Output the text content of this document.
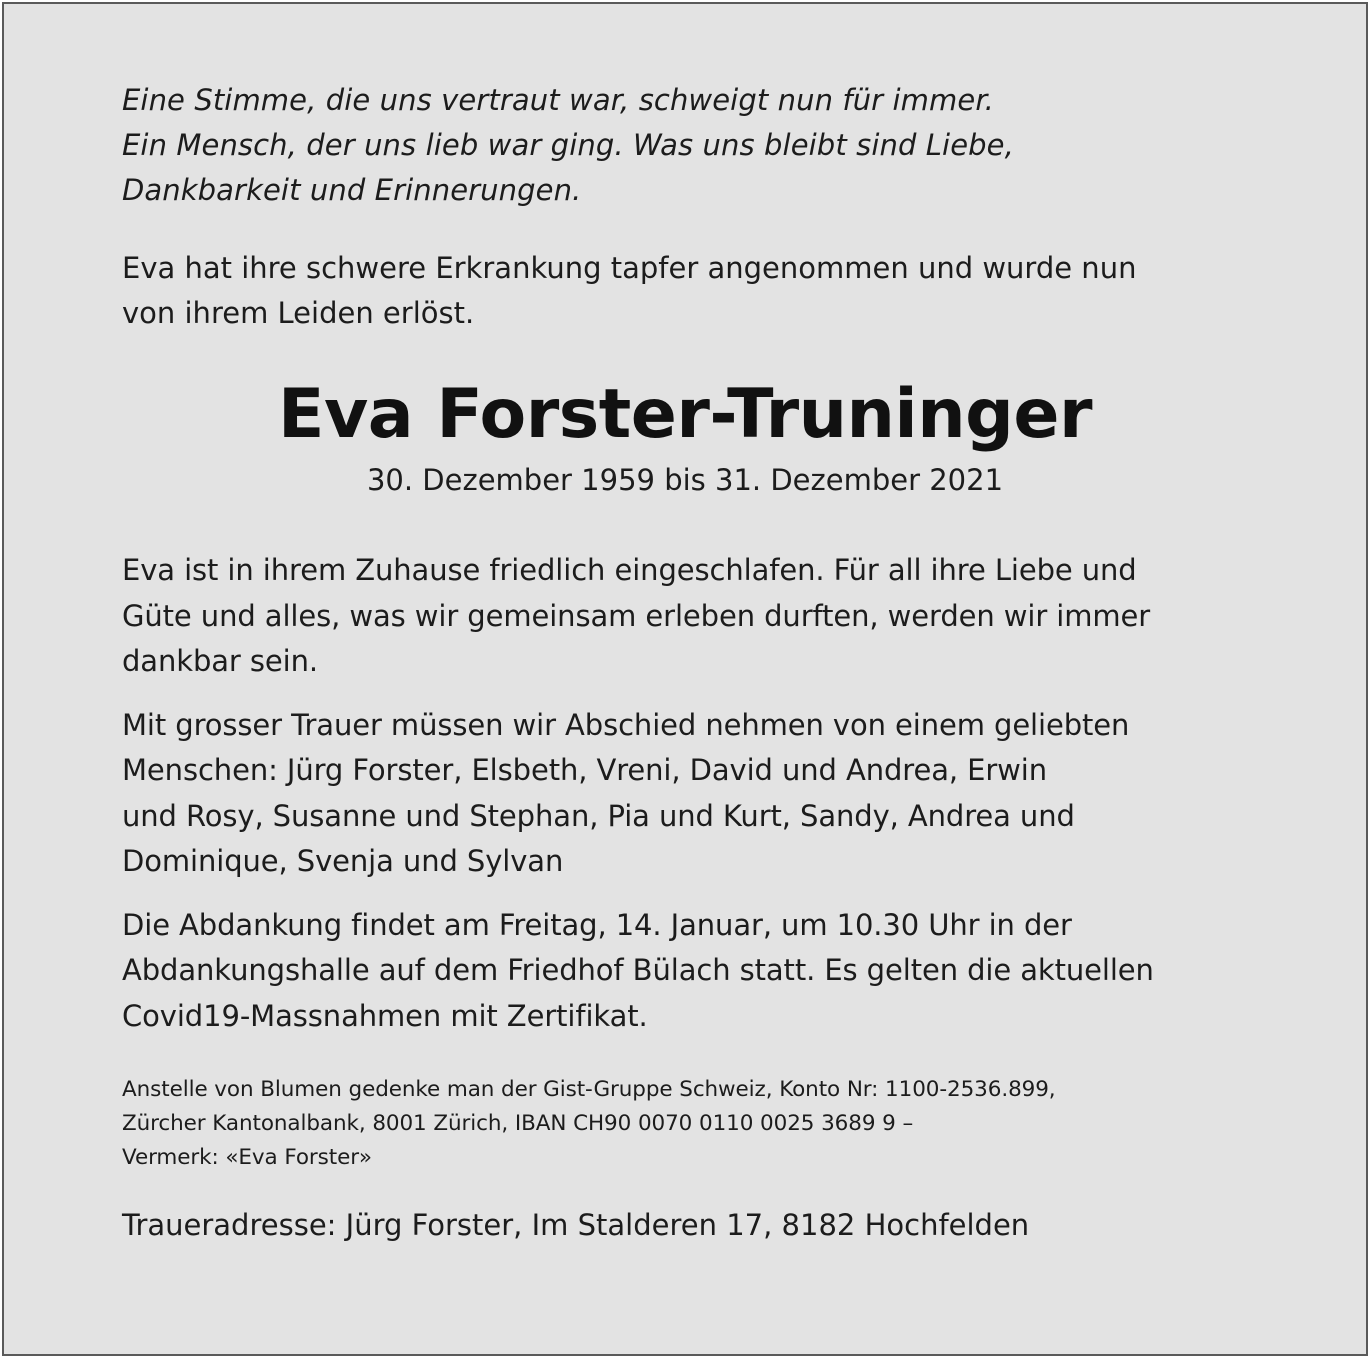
Eine Stimme, die uns vertraut war, schweigt nun für immer.
Ein Mensch, der uns lieb war ging. Was uns bleibt sind Liebe,
Dankbarkeit und Erinnerungen.

Eva hat ihre schwere Erkrankung tapfer angenommen und wurde nun
von ihrem Leiden erlöst.

Eva Forster-Truninger
30. Dezember 1959 bis 31. Dezember 2021

Eva ist in ihrem Zuhause friedlich eingeschlafen. Für all ihre Liebe und
Güte und alles, was wir gemeinsam erleben durften, werden wir immer
dankbar sein.

Mit grosser Trauer müssen wir Abschied nehmen von einem geliebten
Menschen: Jürg Forster, Elsbeth, Vreni, David und Andrea, Erwin
und Rosy, Susanne und Stephan, Pia und Kurt, Sandy, Andrea und
Dominique, Svenja und Sylvan

Die Abdankung findet am Freitag, 14. Januar, um 10.30 Uhr in der
Abdankungshalle auf dem Friedhof Bülach statt. Es gelten die aktuellen
Covid19-Massnahmen mit Zertifikat.

Anstelle von Blumen gedenke man der Gist-Gruppe Schweiz, Konto Nr: 1100-2536.899,
Zürcher Kantonalbank, 8001 Zürich, IBAN CH90 0070 0110 0025 3689 9 –
Vermerk: «Eva Forster»

Traueradresse: Jürg Forster, Im Stalderen 17, 8182 Hochfelden
